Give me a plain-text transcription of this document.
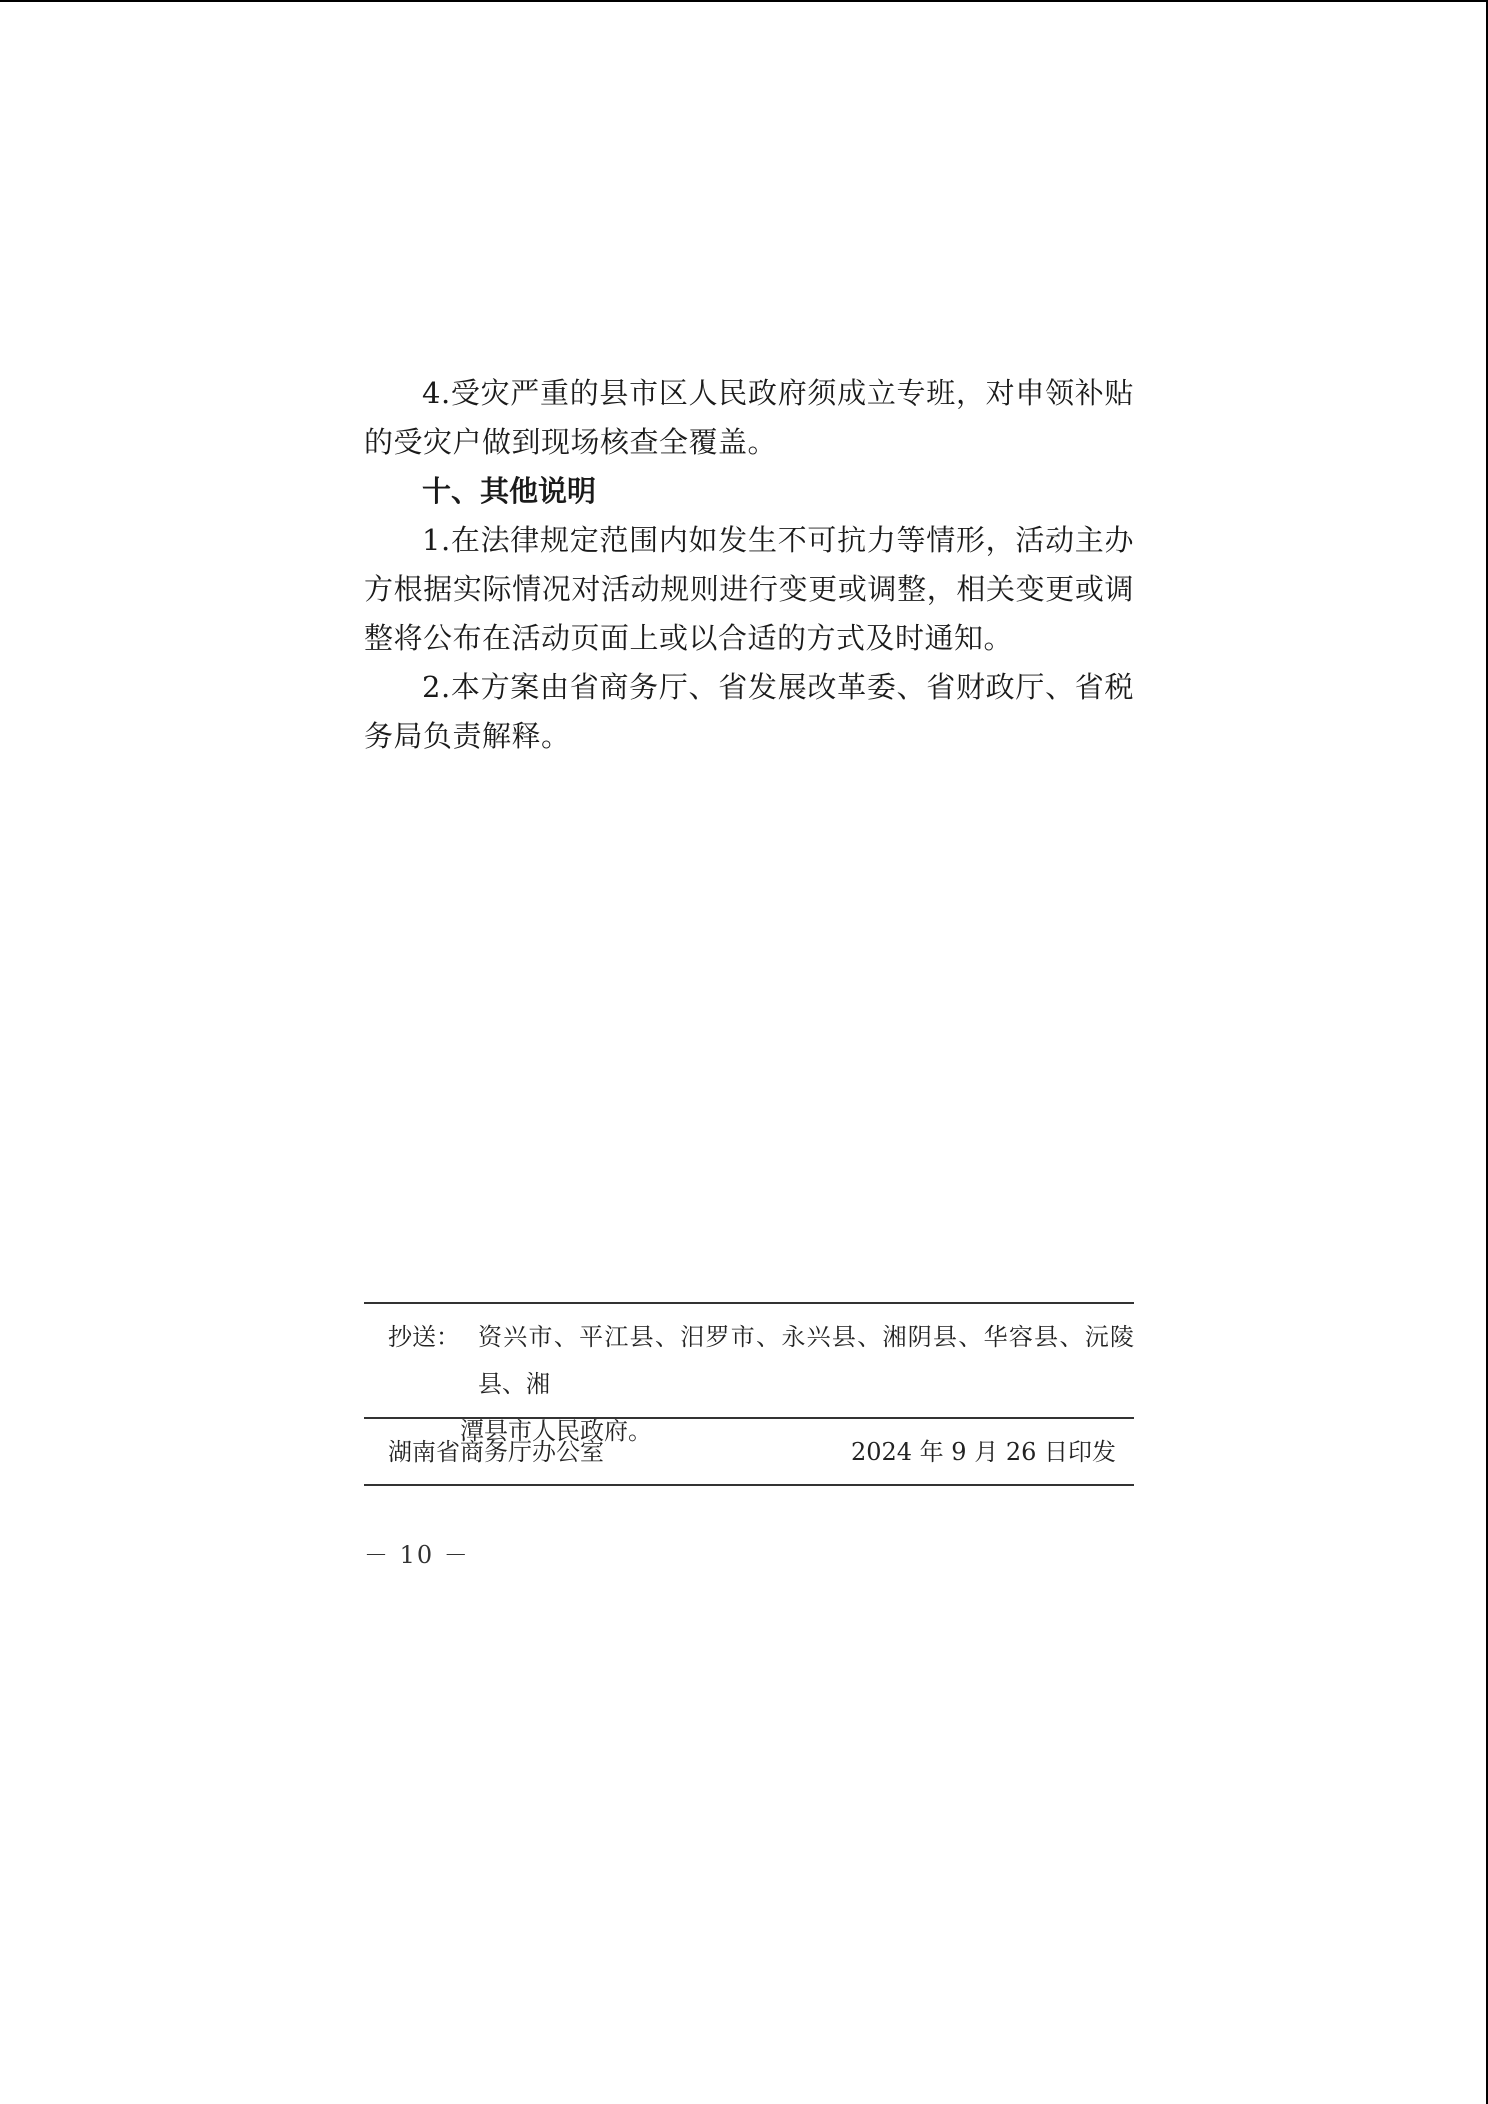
4.受灾严重的县市区人民政府须成立专班，对申领补贴的受灾户做到现场核查全覆盖。

十、其他说明

1.在法律规定范围内如发生不可抗力等情形，活动主办方根据实际情况对活动规则进行变更或调整，相关变更或调整将公布在活动页面上或以合适的方式及时通知。

2.本方案由省商务厅、省发展改革委、省财政厅、省税务局负责解释。

抄送： 资兴市、平江县、汨罗市、永兴县、湘阴县、华容县、沅陵县、湘
潭县市人民政府。
湖南省商务厅办公室	2024 年 9 月 26 日印发
－ 10 －
